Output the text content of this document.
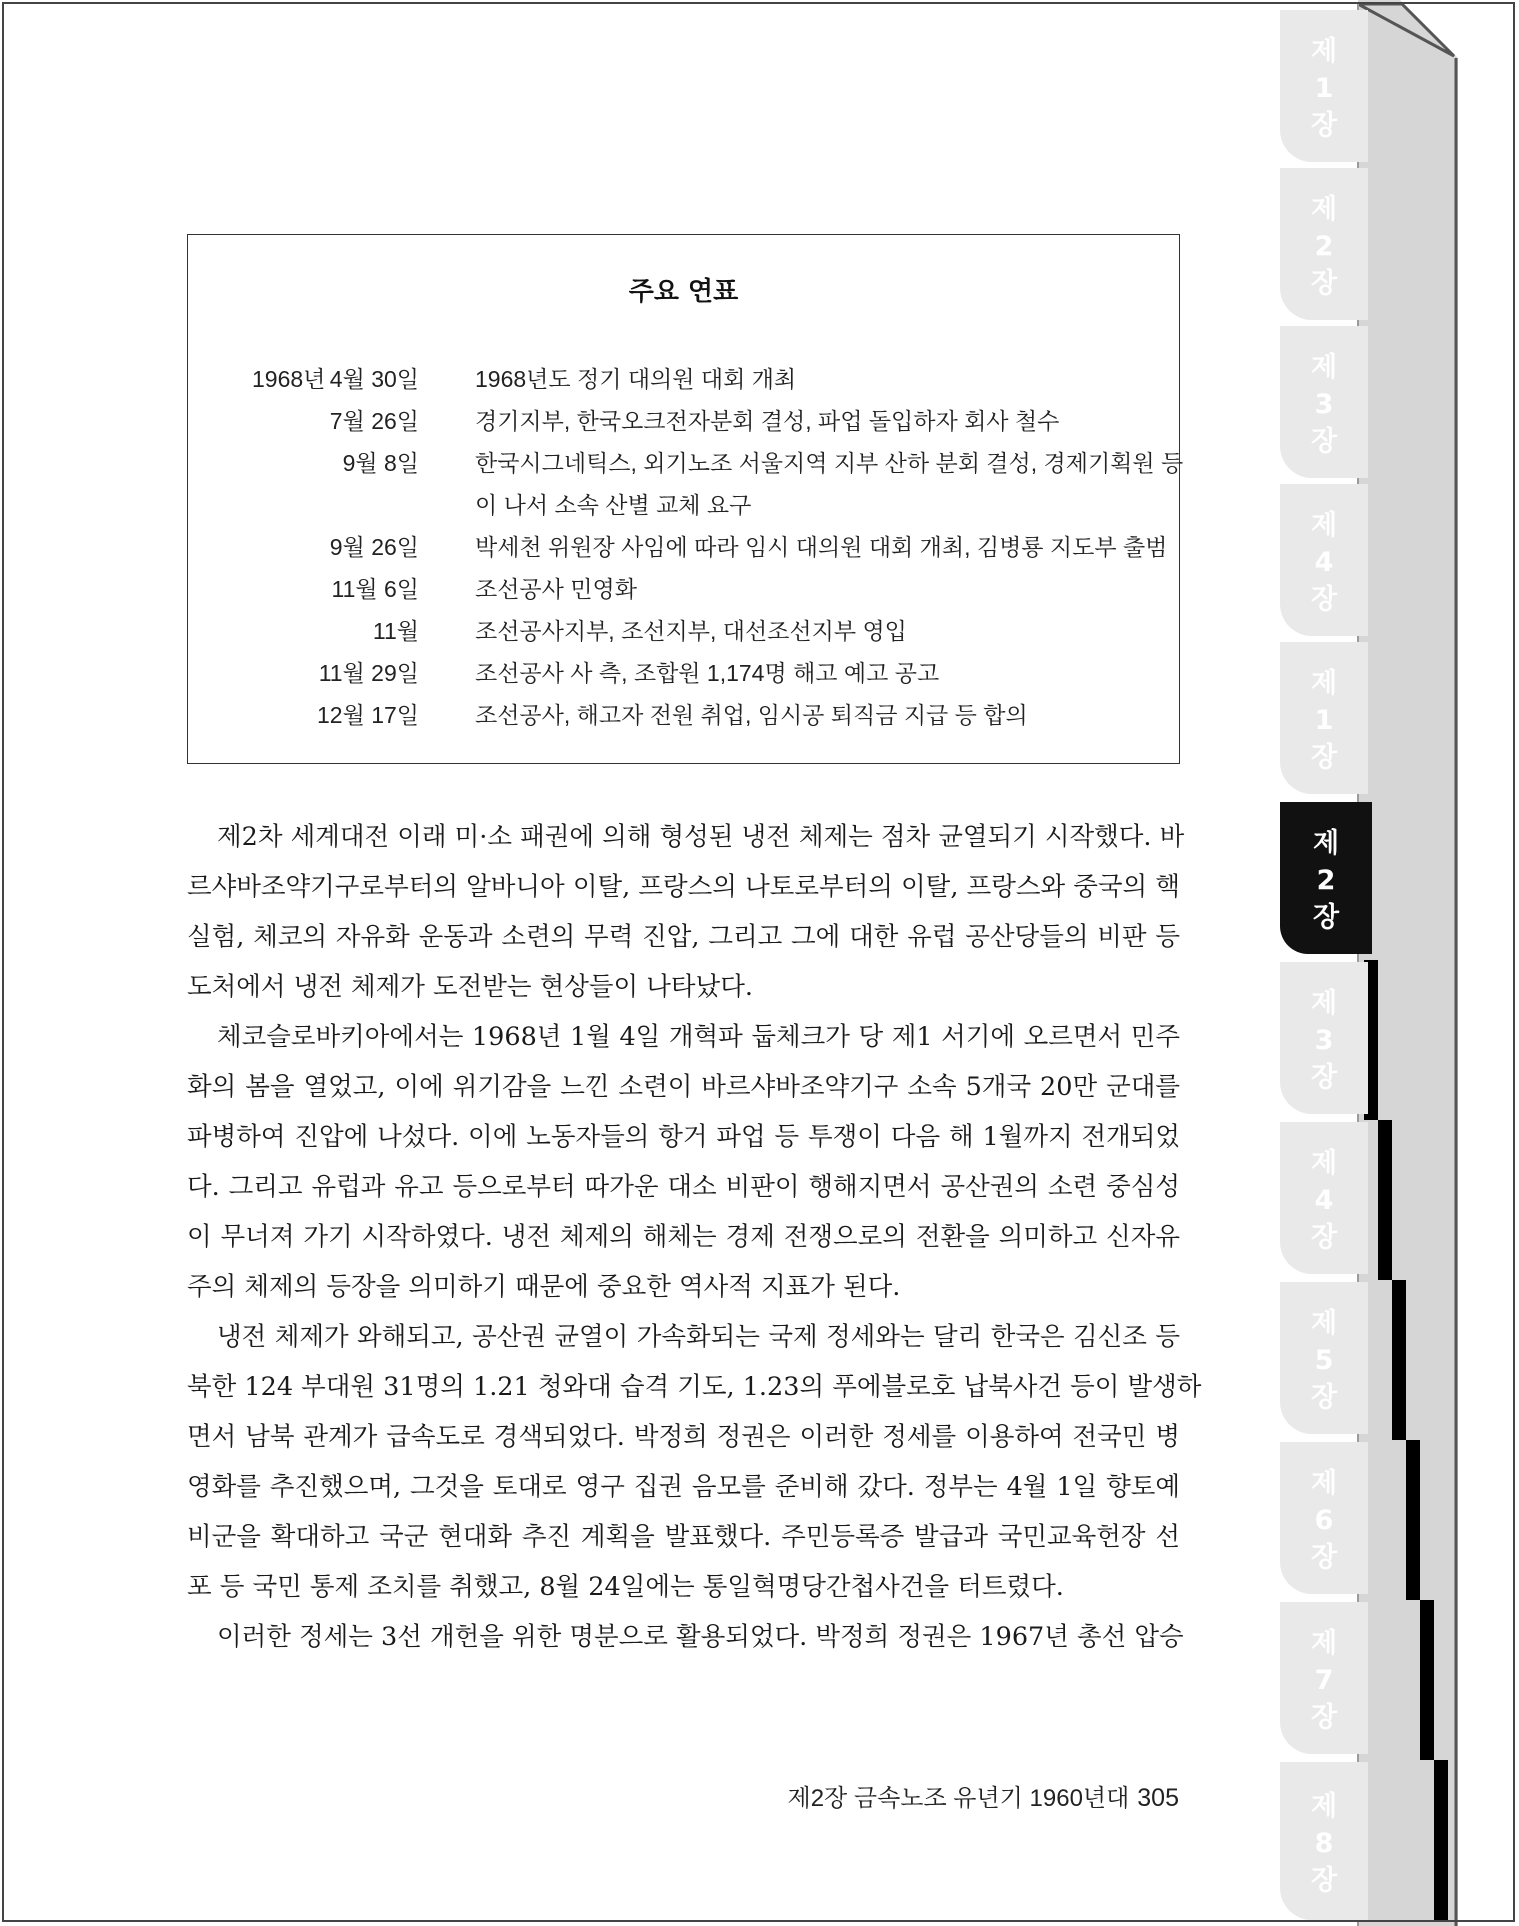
제
1
장
제
2
장
제
3
장
제
4
장
제
1
장
제
2
장
제
3
장
제
4
장
제
5
장
제
6
장
제
7
장
제
8
장
주요 연표
1968년 4월 30일 1968년도 정기 대의원 대회 개최
7월 26일 경기지부, 한국오크전자분회 결성, 파업 돌입하자 회사 철수
9월 8일 한국시그네틱스, 외기노조 서울지역 지부 산하 분회 결성, 경제기획원 등
이 나서 소속 산별 교체 요구
9월 26일 박세천 위원장 사임에 따라 임시 대의원 대회 개최, 김병룡 지도부 출범
11월 6일 조선공사 민영화
11월 조선공사지부, 조선지부, 대선조선지부 영입
11월 29일 조선공사 사 측, 조합원 1,174명 해고 예고 공고
12월 17일 조선공사, 해고자 전원 취업, 임시공 퇴직금 지급 등 합의
제2차 세계대전 이래 미·소 패권에 의해 형성된 냉전 체제는 점차 균열되기 시작했다. 바
르샤바조약기구로부터의 알바니아 이탈, 프랑스의 나토로부터의 이탈, 프랑스와 중국의 핵
실험, 체코의 자유화 운동과 소련의 무력 진압, 그리고 그에 대한 유럽 공산당들의 비판 등
도처에서 냉전 체제가 도전받는 현상들이 나타났다.
체코슬로바키아에서는 1968년 1월 4일 개혁파 둡체크가 당 제1 서기에 오르면서 민주
화의 봄을 열었고, 이에 위기감을 느낀 소련이 바르샤바조약기구 소속 5개국 20만 군대를
파병하여 진압에 나섰다. 이에 노동자들의 항거 파업 등 투쟁이 다음 해 1월까지 전개되었
다. 그리고 유럽과 유고 등으로부터 따가운 대소 비판이 행해지면서 공산권의 소련 중심성
이 무너져 가기 시작하였다. 냉전 체제의 해체는 경제 전쟁으로의 전환을 의미하고 신자유
주의 체제의 등장을 의미하기 때문에 중요한 역사적 지표가 된다.
냉전 체제가 와해되고, 공산권 균열이 가속화되는 국제 정세와는 달리 한국은 김신조 등
북한 124 부대원 31명의 1.21 청와대 습격 기도, 1.23의 푸에블로호 납북사건 등이 발생하
면서 남북 관계가 급속도로 경색되었다. 박정희 정권은 이러한 정세를 이용하여 전국민 병
영화를 추진했으며, 그것을 토대로 영구 집권 음모를 준비해 갔다. 정부는 4월 1일 향토예
비군을 확대하고 국군 현대화 추진 계획을 발표했다. 주민등록증 발급과 국민교육헌장 선
포 등 국민 통제 조치를 취했고, 8월 24일에는 통일혁명당간첩사건을 터트렸다.
이러한 정세는 3선 개헌을 위한 명분으로 활용되었다. 박정희 정권은 1967년 총선 압승
제2장 금속노조 유년기 1960년대 305
